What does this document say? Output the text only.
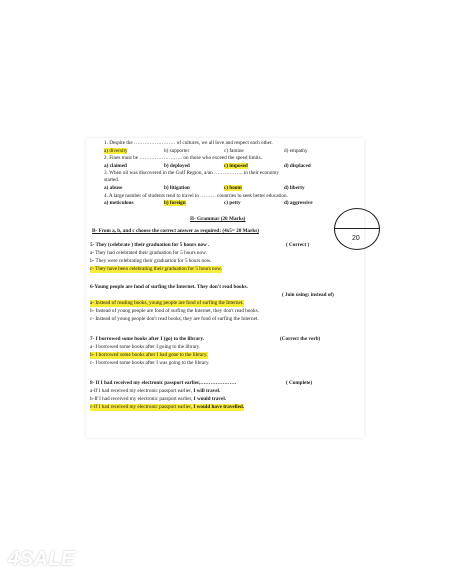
1. Despite the …………………… of cultures, we all love and respect each other.
a) diversity	b) supporter	c) famine	d) empathy
2. Fines must be ……………………. on those who exceed the speed limits.
a) claimed	b) deployed	c) imposed	d) displaced
3. When oil was discovered in the Gulf Region, a/an …………….. in their economy
started.
a) abuse	b) litigation	c) boom	d) liberty
4. A large number of students tend to travel to ……… countries to seek better education.
a) meticulous	b) foreign	c) petty	d) aggressive
II- Grammar (20 Marks)
B- From a, b, and c choose the correct answer as required: (4x5= 20 Marks)
20
5- They (celebrate ) their graduation for 5 hours now .	( Correct )
a- They had celebrated their graduation for 5 hours now.
b- They were celebrating their graduation for 5 hours now.
c- They have been celebrating their graduation for 5 hours now.
6-Young people are fond of surfing the Internet. They don't read books.
( Join using: instead of)
a- Instead of reading books, young people are fond of surfing the Internet.
b- Instead of young people are fond of surfing the Internet, they don't read books.
c- Instead of young people don't read books, they are fond of surfing the Internet.
7- I borrowed some books after I (go) to the library.	(Correct the verb)
a- I borrowed some books after I going to the library.
b- I borrowed some books after I had gone to the library.
c- I borrowed some books after I was going to the library.
8- If I had received my electronic passport earlier,…………………	( Complete)
a-If I had received my electronic passport earlier, I will travel.
b-If I had received my electronic passport earlier, I would travel.
c-If I had received my electronic passport earlier, I would have travelled.
4SALE
